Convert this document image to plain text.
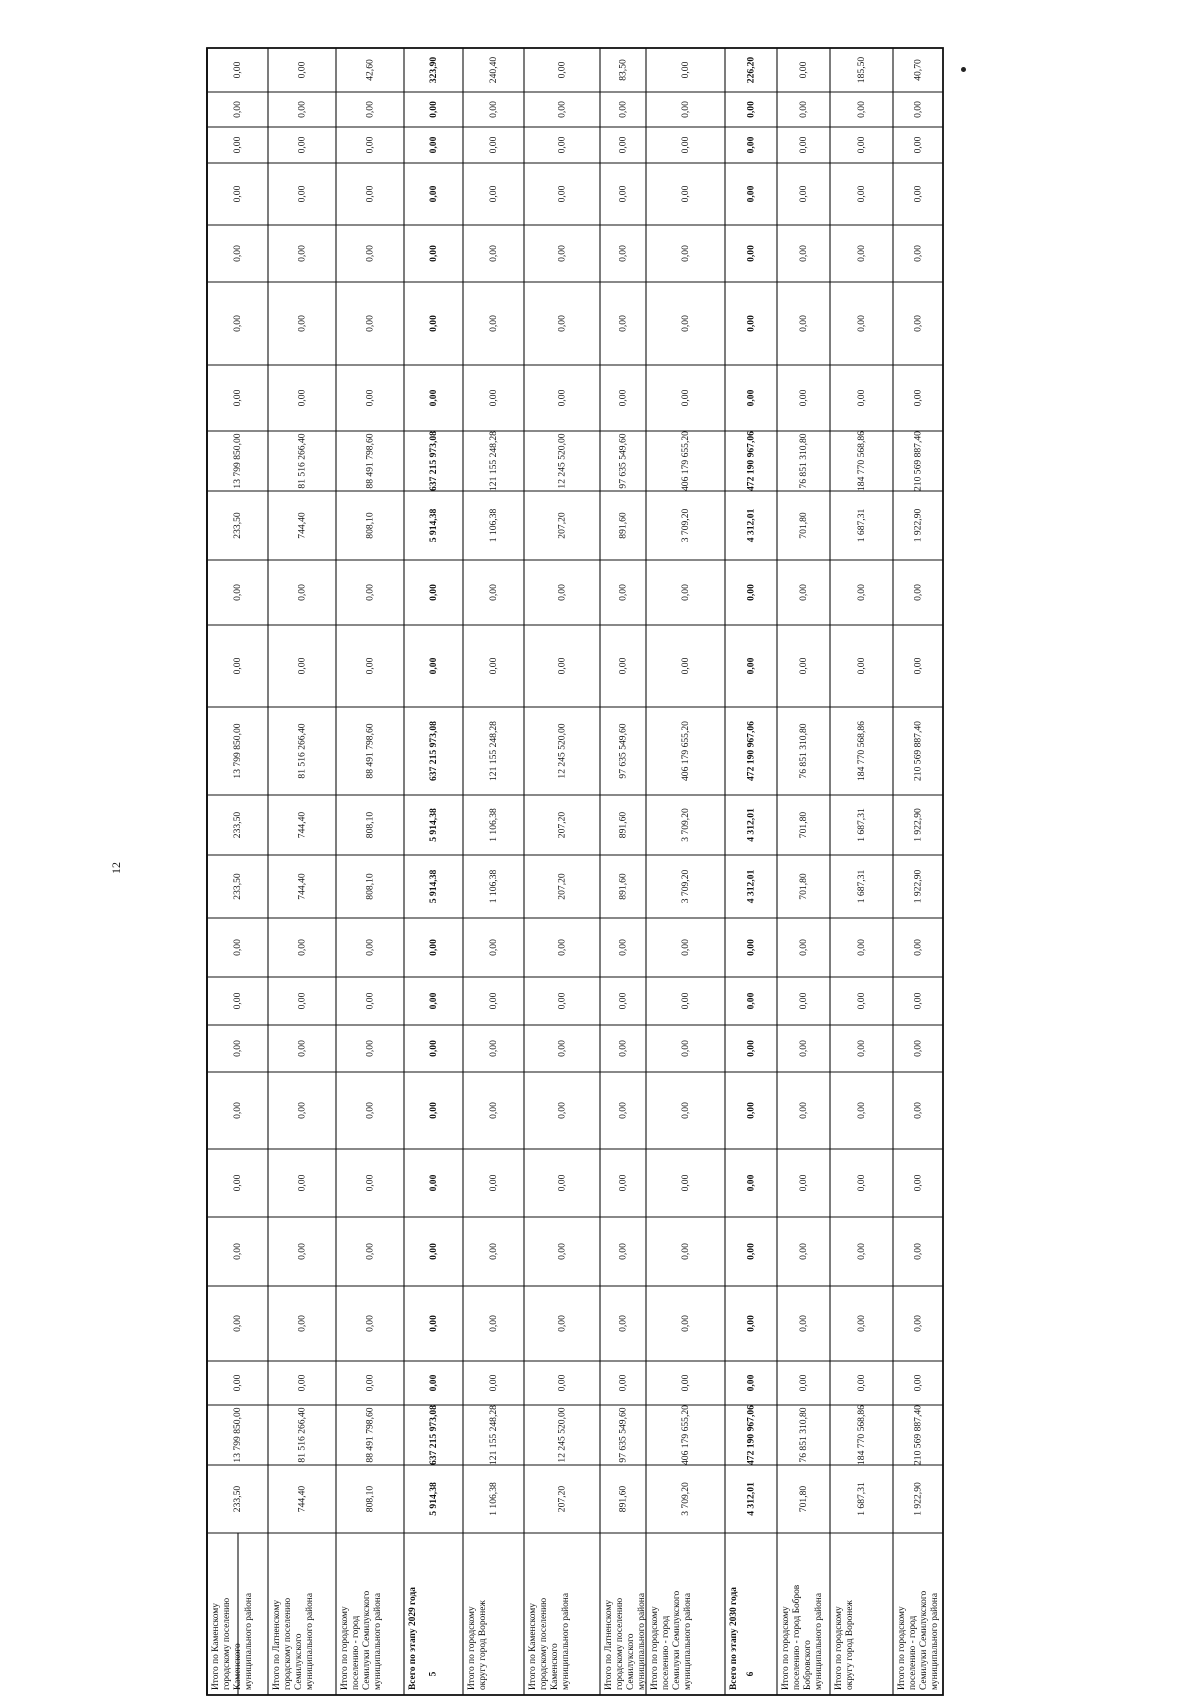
12
233,50
13 799 850,00
0,00
0,00
0,00
0,00
0,00
0,00
0,00
0,00
233,50
233,50
13 799 850,00
0,00
0,00
233,50
13 799 850,00
0,00
0,00
0,00
0,00
0,00
0,00
0,00
Итого по Каменскому городскому поселению Каменского муниципального района
744,40
81 516 266,40
0,00
0,00
0,00
0,00
0,00
0,00
0,00
0,00
744,40
744,40
81 516 266,40
0,00
0,00
744,40
81 516 266,40
0,00
0,00
0,00
0,00
0,00
0,00
0,00
Итого по Латненскому городскому поселению Семилукского муниципального района
808,10
88 491 798,60
0,00
0,00
0,00
0,00
0,00
0,00
0,00
0,00
808,10
808,10
88 491 798,60
0,00
0,00
808,10
88 491 798,60
0,00
0,00
0,00
0,00
0,00
0,00
42,60
Итого по городскому поселению - город Семилуки Семилукского муниципального района
5 914,38
637 215 973,08
0,00
0,00
0,00
0,00
0,00
0,00
0,00
0,00
5 914,38
5 914,38
637 215 973,08
0,00
0,00
5 914,38
637 215 973,08
0,00
0,00
0,00
0,00
0,00
0,00
323,90
Всего по этапу 2029 года 5
1 106,38
121 155 248,28
0,00
0,00
0,00
0,00
0,00
0,00
0,00
0,00
1 106,38
1 106,38
121 155 248,28
0,00
0,00
1 106,38
121 155 248,28
0,00
0,00
0,00
0,00
0,00
0,00
240,40
Итого по городскому округу город Воронеж
207,20
12 245 520,00
0,00
0,00
0,00
0,00
0,00
0,00
0,00
0,00
207,20
207,20
12 245 520,00
0,00
0,00
207,20
12 245 520,00
0,00
0,00
0,00
0,00
0,00
0,00
0,00
Итого по Каменскому городскому поселению Каменского муниципального района
891,60
97 635 549,60
0,00
0,00
0,00
0,00
0,00
0,00
0,00
0,00
891,60
891,60
97 635 549,60
0,00
0,00
891,60
97 635 549,60
0,00
0,00
0,00
0,00
0,00
0,00
83,50
Итого по Латненскому городскому поселению Семилукского муниципального района
3 709,20
406 179 655,20
0,00
0,00
0,00
0,00
0,00
0,00
0,00
0,00
3 709,20
3 709,20
406 179 655,20
0,00
0,00
3 709,20
406 179 655,20
0,00
0,00
0,00
0,00
0,00
0,00
0,00
Итого по городскому поселению - город Семилуки Семилукского муниципального района
4 312,01
472 190 967,06
0,00
0,00
0,00
0,00
0,00
0,00
0,00
0,00
4 312,01
4 312,01
472 190 967,06
0,00
0,00
4 312,01
472 190 967,06
0,00
0,00
0,00
0,00
0,00
0,00
226,20
Всего по этапу 2030 года 6
701,80
76 851 310,80
0,00
0,00
0,00
0,00
0,00
0,00
0,00
0,00
701,80
701,80
76 851 310,80
0,00
0,00
701,80
76 851 310,80
0,00
0,00
0,00
0,00
0,00
0,00
0,00
Итого по городскому поселению - город Бобров Бобровского муниципального района
1 687,31
184 770 568,86
0,00
0,00
0,00
0,00
0,00
0,00
0,00
0,00
1 687,31
1 687,31
184 770 568,86
0,00
0,00
1 687,31
184 770 568,86
0,00
0,00
0,00
0,00
0,00
0,00
185,50
Итого по городскому округу город Воронеж
1 922,90
210 569 887,40
0,00
0,00
0,00
0,00
0,00
0,00
0,00
0,00
1 922,90
1 922,90
210 569 887,40
0,00
0,00
1 922,90
210 569 887,40
0,00
0,00
0,00
0,00
0,00
0,00
40,70
Итого по городскому поселению - город Семилуки Семилукского муниципального района
